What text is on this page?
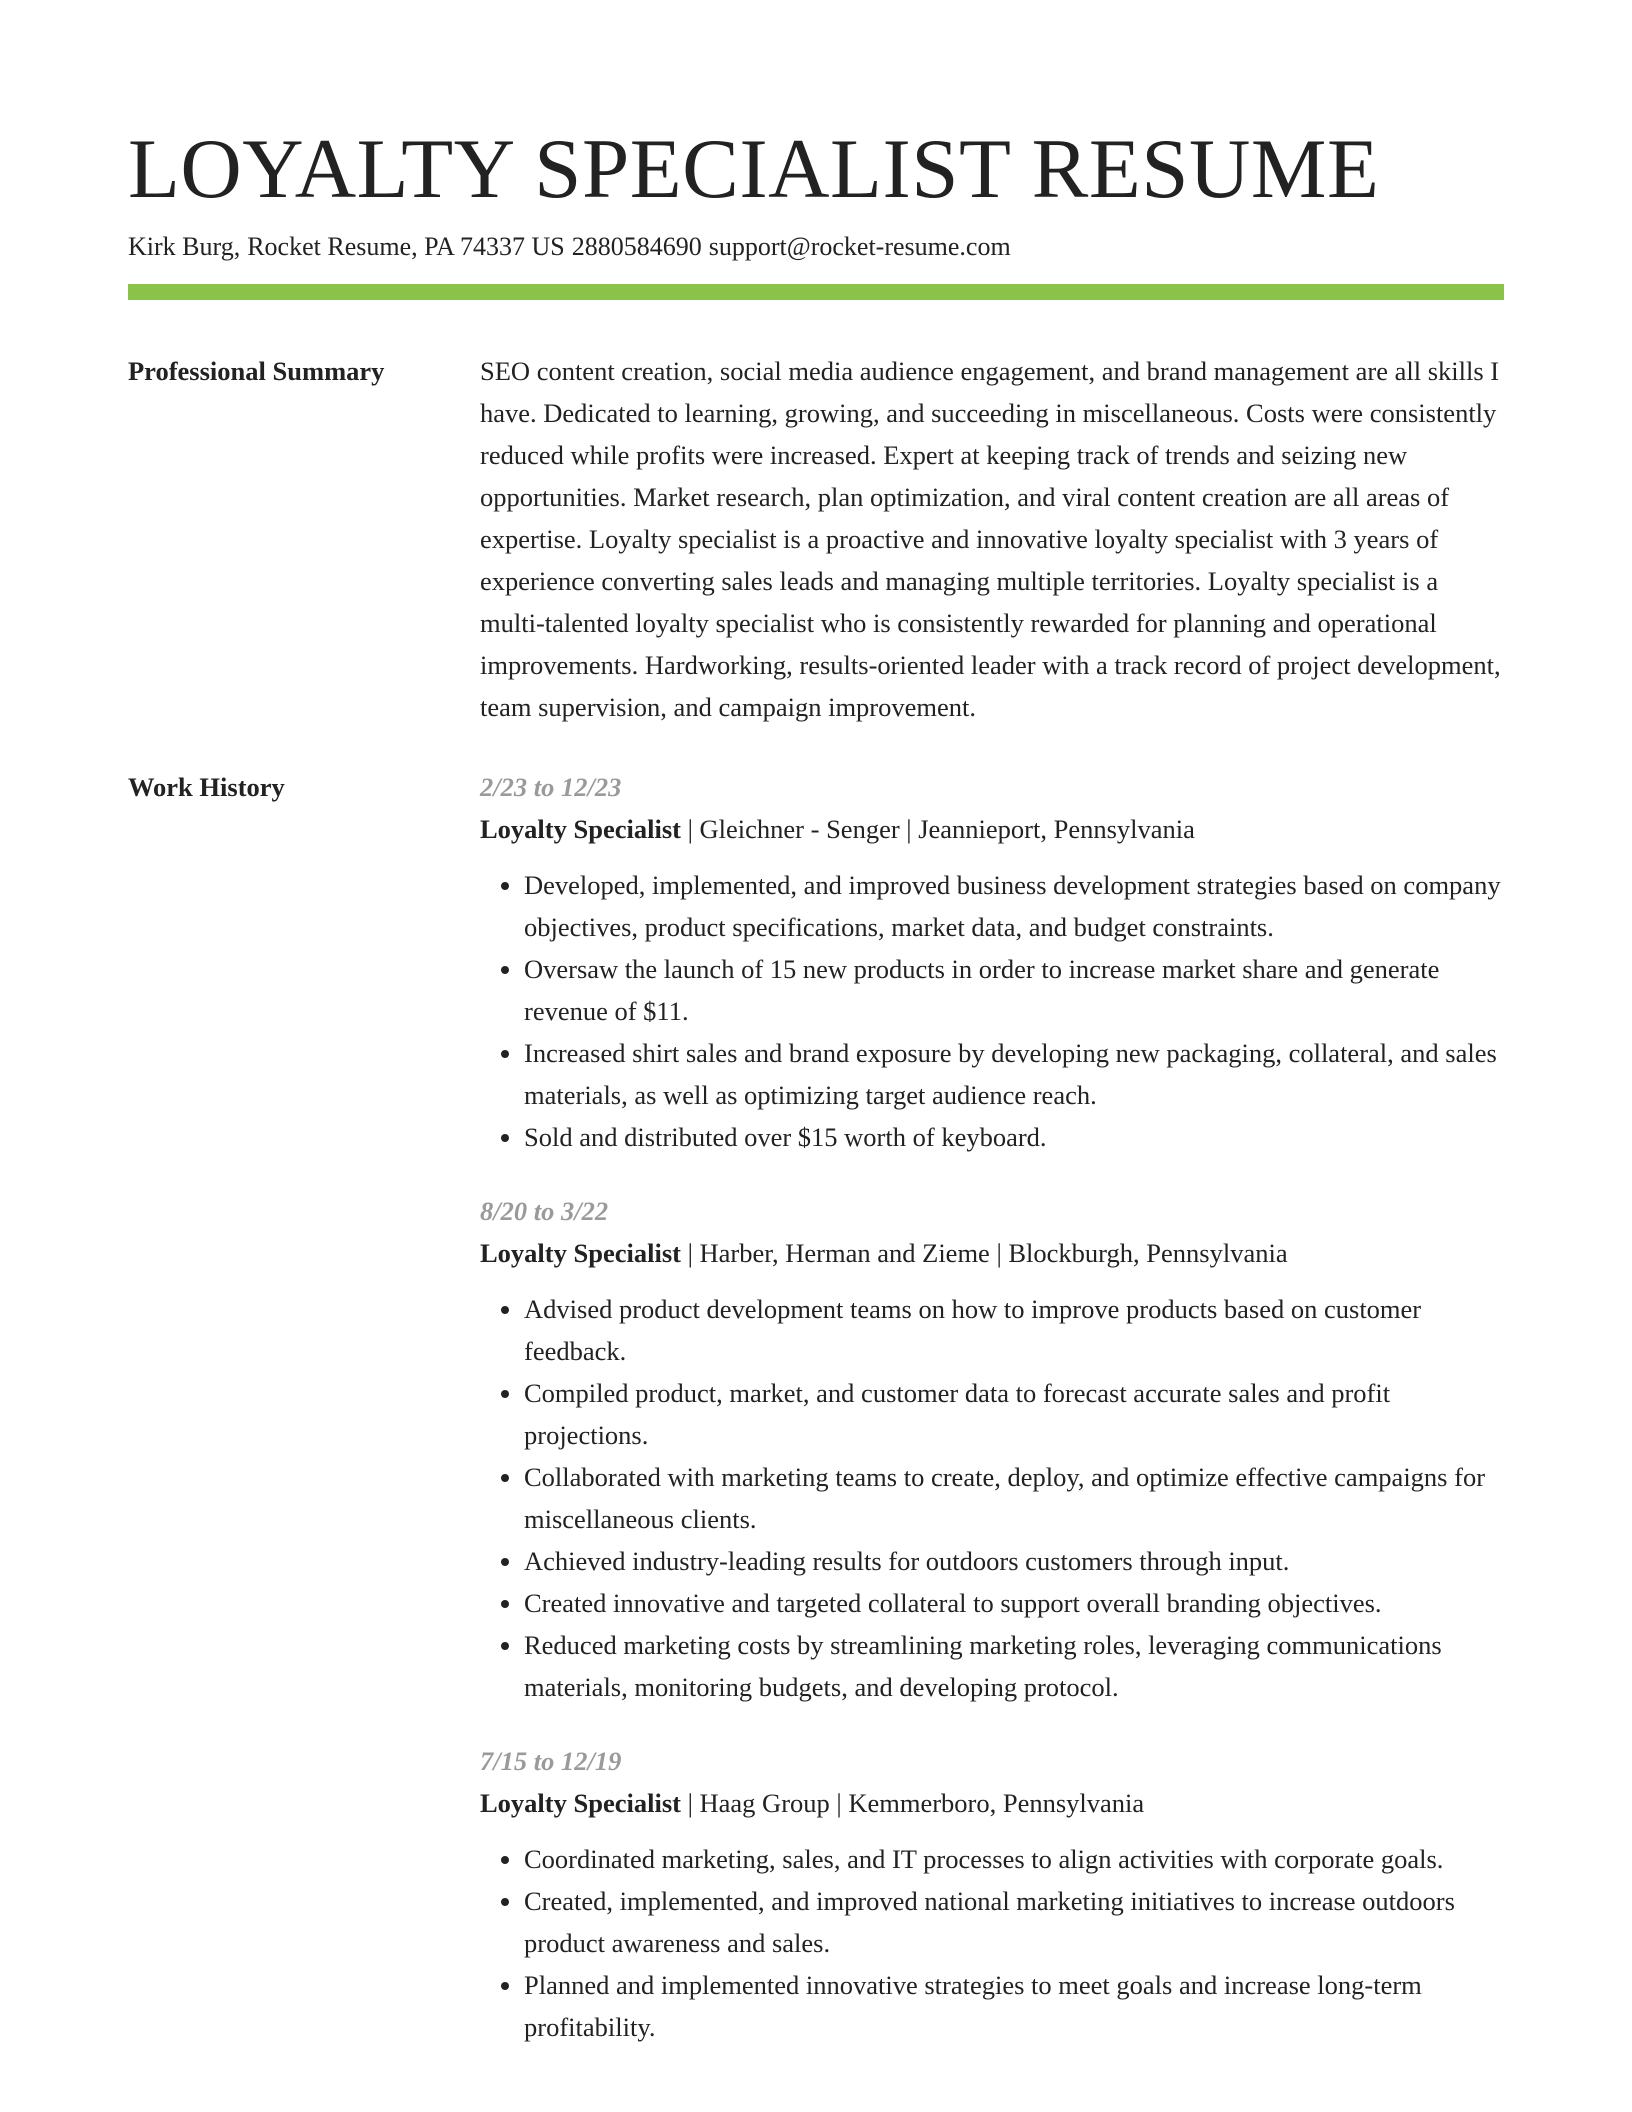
LOYALTY SPECIALIST RESUME
Kirk Burg, Rocket Resume, PA 74337 US 2880584690 support@rocket-resume.com
Professional Summary	SEO content creation, social media audience engagement, and brand management are all skills I have. Dedicated to learning, growing, and succeeding in miscellaneous. Costs were consistently reduced while profits were increased. Expert at keeping track of trends and seizing new opportunities. Market research, plan optimization, and viral content creation are all areas of expertise. Loyalty specialist is a proactive and innovative loyalty specialist with 3 years of experience converting sales leads and managing multiple territories. Loyalty specialist is a multi-talented loyalty specialist who is consistently rewarded for planning and operational improvements. Hardworking, results-oriented leader with a track record of project development, team supervision, and campaign improvement.

Work History	2/23 to 12/23
Loyalty Specialist | Gleichner - Senger | Jeannieport, Pennsylvania
• Developed, implemented, and improved business development strategies based on company objectives, product specifications, market data, and budget constraints.
• Oversaw the launch of 15 new products in order to increase market share and generate revenue of $11.
• Increased shirt sales and brand exposure by developing new packaging, collateral, and sales materials, as well as optimizing target audience reach.
• Sold and distributed over $15 worth of keyboard.
8/20 to 3/22
Loyalty Specialist | Harber, Herman and Zieme | Blockburgh, Pennsylvania
• Advised product development teams on how to improve products based on customer feedback.
• Compiled product, market, and customer data to forecast accurate sales and profit projections.
• Collaborated with marketing teams to create, deploy, and optimize effective campaigns for miscellaneous clients.
• Achieved industry-leading results for outdoors customers through input.
• Created innovative and targeted collateral to support overall branding objectives.
• Reduced marketing costs by streamlining marketing roles, leveraging communications materials, monitoring budgets, and developing protocol.
7/15 to 12/19
Loyalty Specialist | Haag Group | Kemmerboro, Pennsylvania
• Coordinated marketing, sales, and IT processes to align activities with corporate goals.
• Created, implemented, and improved national marketing initiatives to increase outdoors product awareness and sales.
• Planned and implemented innovative strategies to meet goals and increase long-term profitability.
